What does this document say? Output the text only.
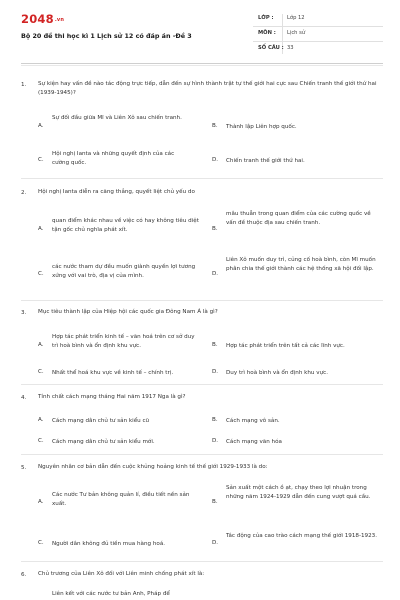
2048.vn
Bộ 20 đề thi học kì 1 Lịch sử 12 có đáp án -Đề 3
LỚP :	Lớp 12
MÔN : Lịch sử
SỐ CÂU : 33
1. Sự kiện hay vấn đề nào tác động trực tiếp, dẫn đến sự hình thành trật tự thế giới hai cực sau Chiến tranh thế giới thứ hai (1939-1945)?
A.
Sự đối đầu giữa Mĩ và Liên Xô sau chiến tranh.
B. Thành lập Liên hợp quốc.
C.
Hội nghị Ianta và những quyết định của các cường quốc.	D. Chiến tranh thế giới thứ hai.
2. Hội nghị Ianta diễn ra căng thẳng, quyết liệt chủ yếu do
A.
quan điểm khác nhau về việc có hay không tiêu diệt tận gốc chủ nghĩa phát xít.	B.
mâu thuẫn trong quan điểm của các cường quốc về vấn đề thuộc địa sau chiến tranh.
C.
các nước tham dự đều muốn giành quyền lợi tương xứng với vai trò, địa vị của mình.	D.
Liên Xô muốn duy trì, củng cố hoà bình, còn Mĩ muốn phân chia thế giới thành các hệ thống xã hội đối lập.
3. Mục tiêu thành lập của Hiệp hội các quốc gia Đông Nam Á là gì?
A.
Hợp tác phát triển kinh tế – văn hoá trên cơ sở duy trì hoà bình và ổn định khu vực.	B. Hợp tác phát triển trên tất cả các lĩnh vực.
C. Nhất thể hoá khu vực về kinh tế – chính trị.	D. Duy trì hoà bình và ổn định khu vực.
4. Tính chất cách mạng tháng Hai năm 1917 Nga là gì?
A. Cách mạng dân chủ tư sản kiểu cũ	B. Cách mạng vô sản.
C. Cách mạng dân chủ tư sản kiểu mới.	D. Cách mạng văn hóa
5. Nguyên nhân cơ bản dẫn đến cuộc khủng hoảng kinh tế thế giới 1929-1933 là do:
A.
Các nước Tư bản không quản lí, điều tiết nền sản xuất.	B.
Sản xuất một cách ồ ạt, chạy theo lợi nhuận trong những năm 1924-1929 dẫn đến cung vượt quá cầu.
C. Người dân không đủ tiền mua hàng hoá.	D.
Tác động của cao trào cách mạng thế giới 1918-1923.
6. Chủ trương của Liên Xô đối với Liên minh chống phát xít là:
Liên kết với các nước tư bản Anh, Pháp để
